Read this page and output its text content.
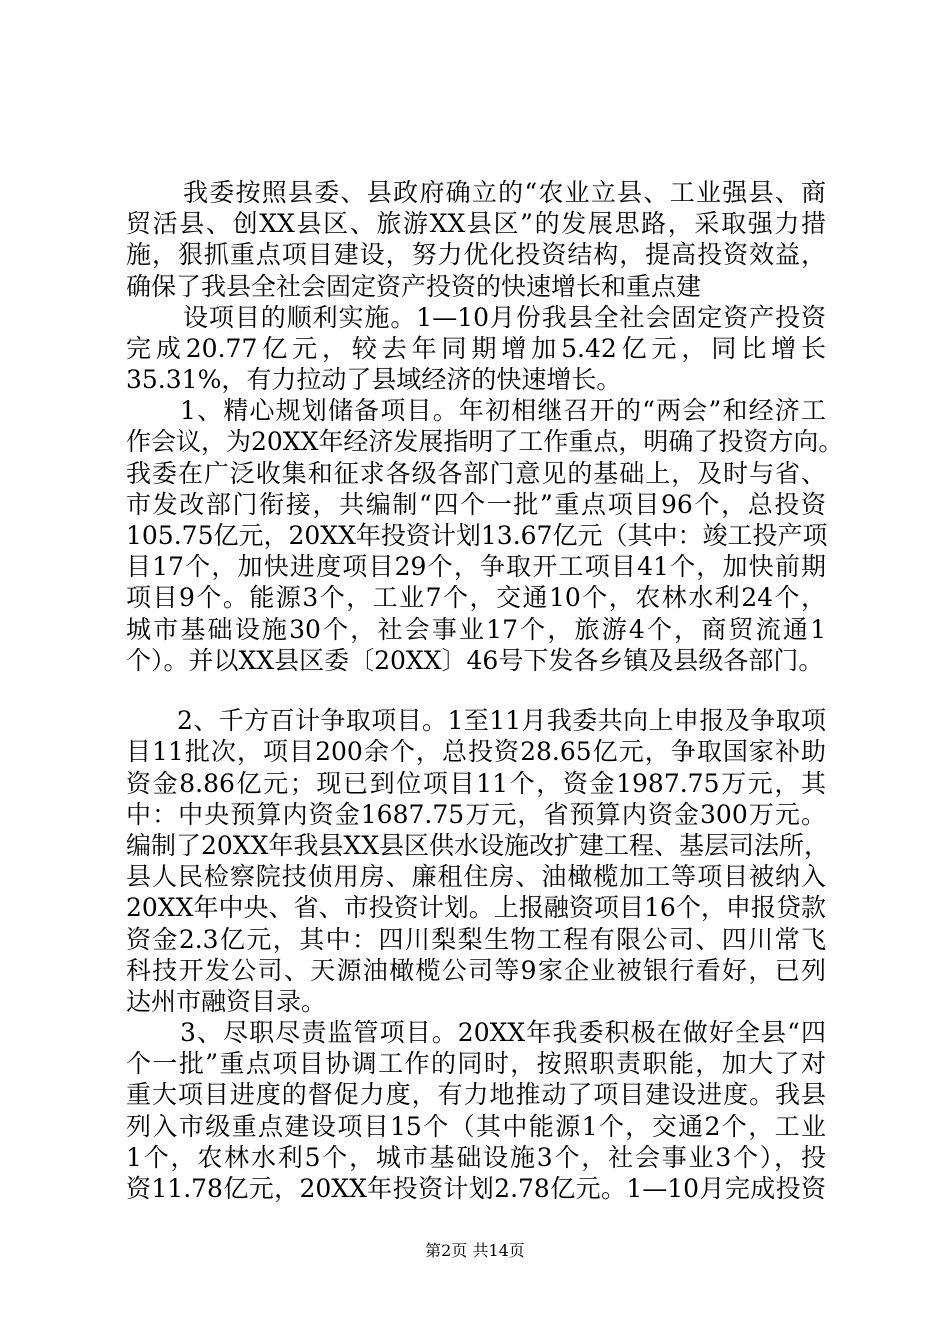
我委按照县委、县政府确立的“农业立县、工业强县、商
贸活县、创XX县区、旅游XX县区”的发展思路，采取强力措
施，狠抓重点项目建设，努力优化投资结构，提高投资效益，
确保了我县全社会固定资产投资的快速增长和重点建
设项目的顺利实施。1—10月份我县全社会固定资产投资
完成20.77亿元，较去年同期增加5.42亿元，同比增长
35.31%，有力拉动了县域经济的快速增长。
1、精心规划储备项目。年初相继召开的“两会”和经济工
作会议，为20XX年经济发展指明了工作重点，明确了投资方向。
我委在广泛收集和征求各级各部门意见的基础上，及时与省、
市发改部门衔接，共编制“四个一批”重点项目96个，总投资
105.75亿元，20XX年投资计划13.67亿元（其中：竣工投产项
目17个，加快进度项目29个，争取开工项目41个，加快前期
项目9个。能源3个，工业7个，交通10个，农林水利24个，
城市基础设施30个，社会事业17个，旅游4个，商贸流通1
个）。并以XX县区委〔20XX〕46号下发各乡镇及县级各部门。
2、千方百计争取项目。1至11月我委共向上申报及争取项
目11批次，项目200余个，总投资28.65亿元，争取国家补助
资金8.86亿元；现已到位项目11个，资金1987.75万元，其
中：中央预算内资金1687.75万元，省预算内资金300万元。
编制了20XX年我县XX县区供水设施改扩建工程、基层司法所，
县人民检察院技侦用房、廉租住房、油橄榄加工等项目被纳入
20XX年中央、省、市投资计划。上报融资项目16个，申报贷款
资金2.3亿元，其中：四川梨梨生物工程有限公司、四川常飞
科技开发公司、天源油橄榄公司等9家企业被银行看好，已列
达州市融资目录。
3、尽职尽责监管项目。20XX年我委积极在做好全县“四
个一批”重点项目协调工作的同时，按照职责职能，加大了对
重大项目进度的督促力度，有力地推动了项目建设进度。我县
列入市级重点建设项目15个（其中能源1个，交通2个，工业
1个，农林水利5个，城市基础设施3个，社会事业3个），投
资11.78亿元，20XX年投资计划2.78亿元。1—10月完成投资
第2页 共14页
